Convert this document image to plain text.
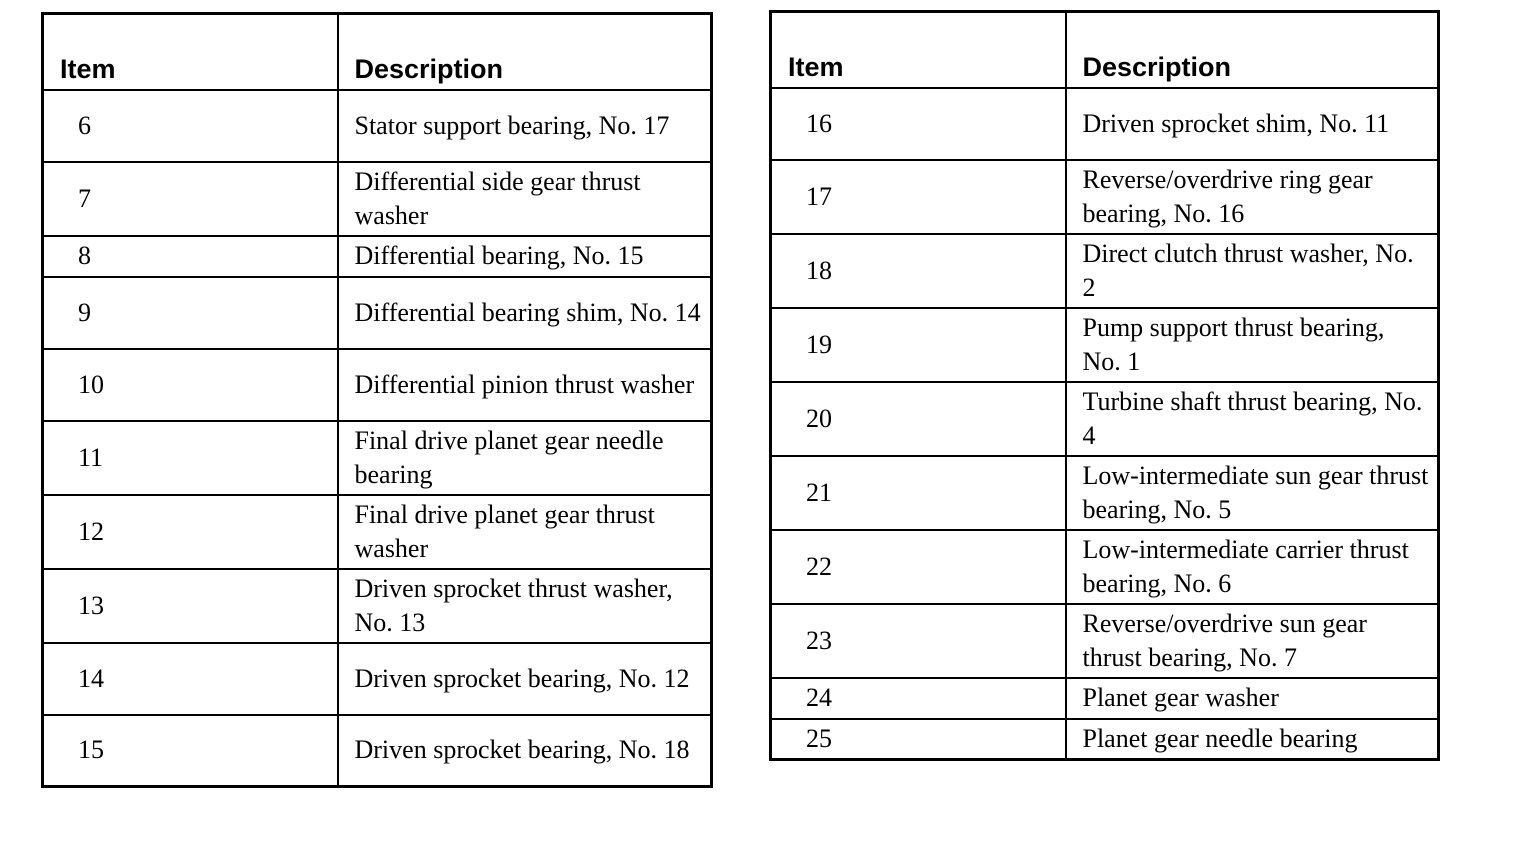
Item	Description
6	Stator support bearing, No. 17
7	Differential side gear thrust washer
8	Differential bearing, No. 15
9	Differential bearing shim, No. 14
10	Differential pinion thrust washer
11	Final drive planet gear needle bearing
12	Final drive planet gear thrust washer
13	Driven sprocket thrust washer, No. 13
14	Driven sprocket bearing, No. 12
15	Driven sprocket bearing, No. 18
Item	Description
16	Driven sprocket shim, No. 11
17	Reverse/overdrive ring gear bearing, No. 16
18	Direct clutch thrust washer, No. 2
19	Pump support thrust bearing, No. 1
20	Turbine shaft thrust bearing, No. 4
21	Low-intermediate sun gear thrust bearing, No. 5
22	Low-intermediate carrier thrust bearing, No. 6
23	Reverse/overdrive sun gear thrust bearing, No. 7
24	Planet gear washer
25	Planet gear needle bearing
